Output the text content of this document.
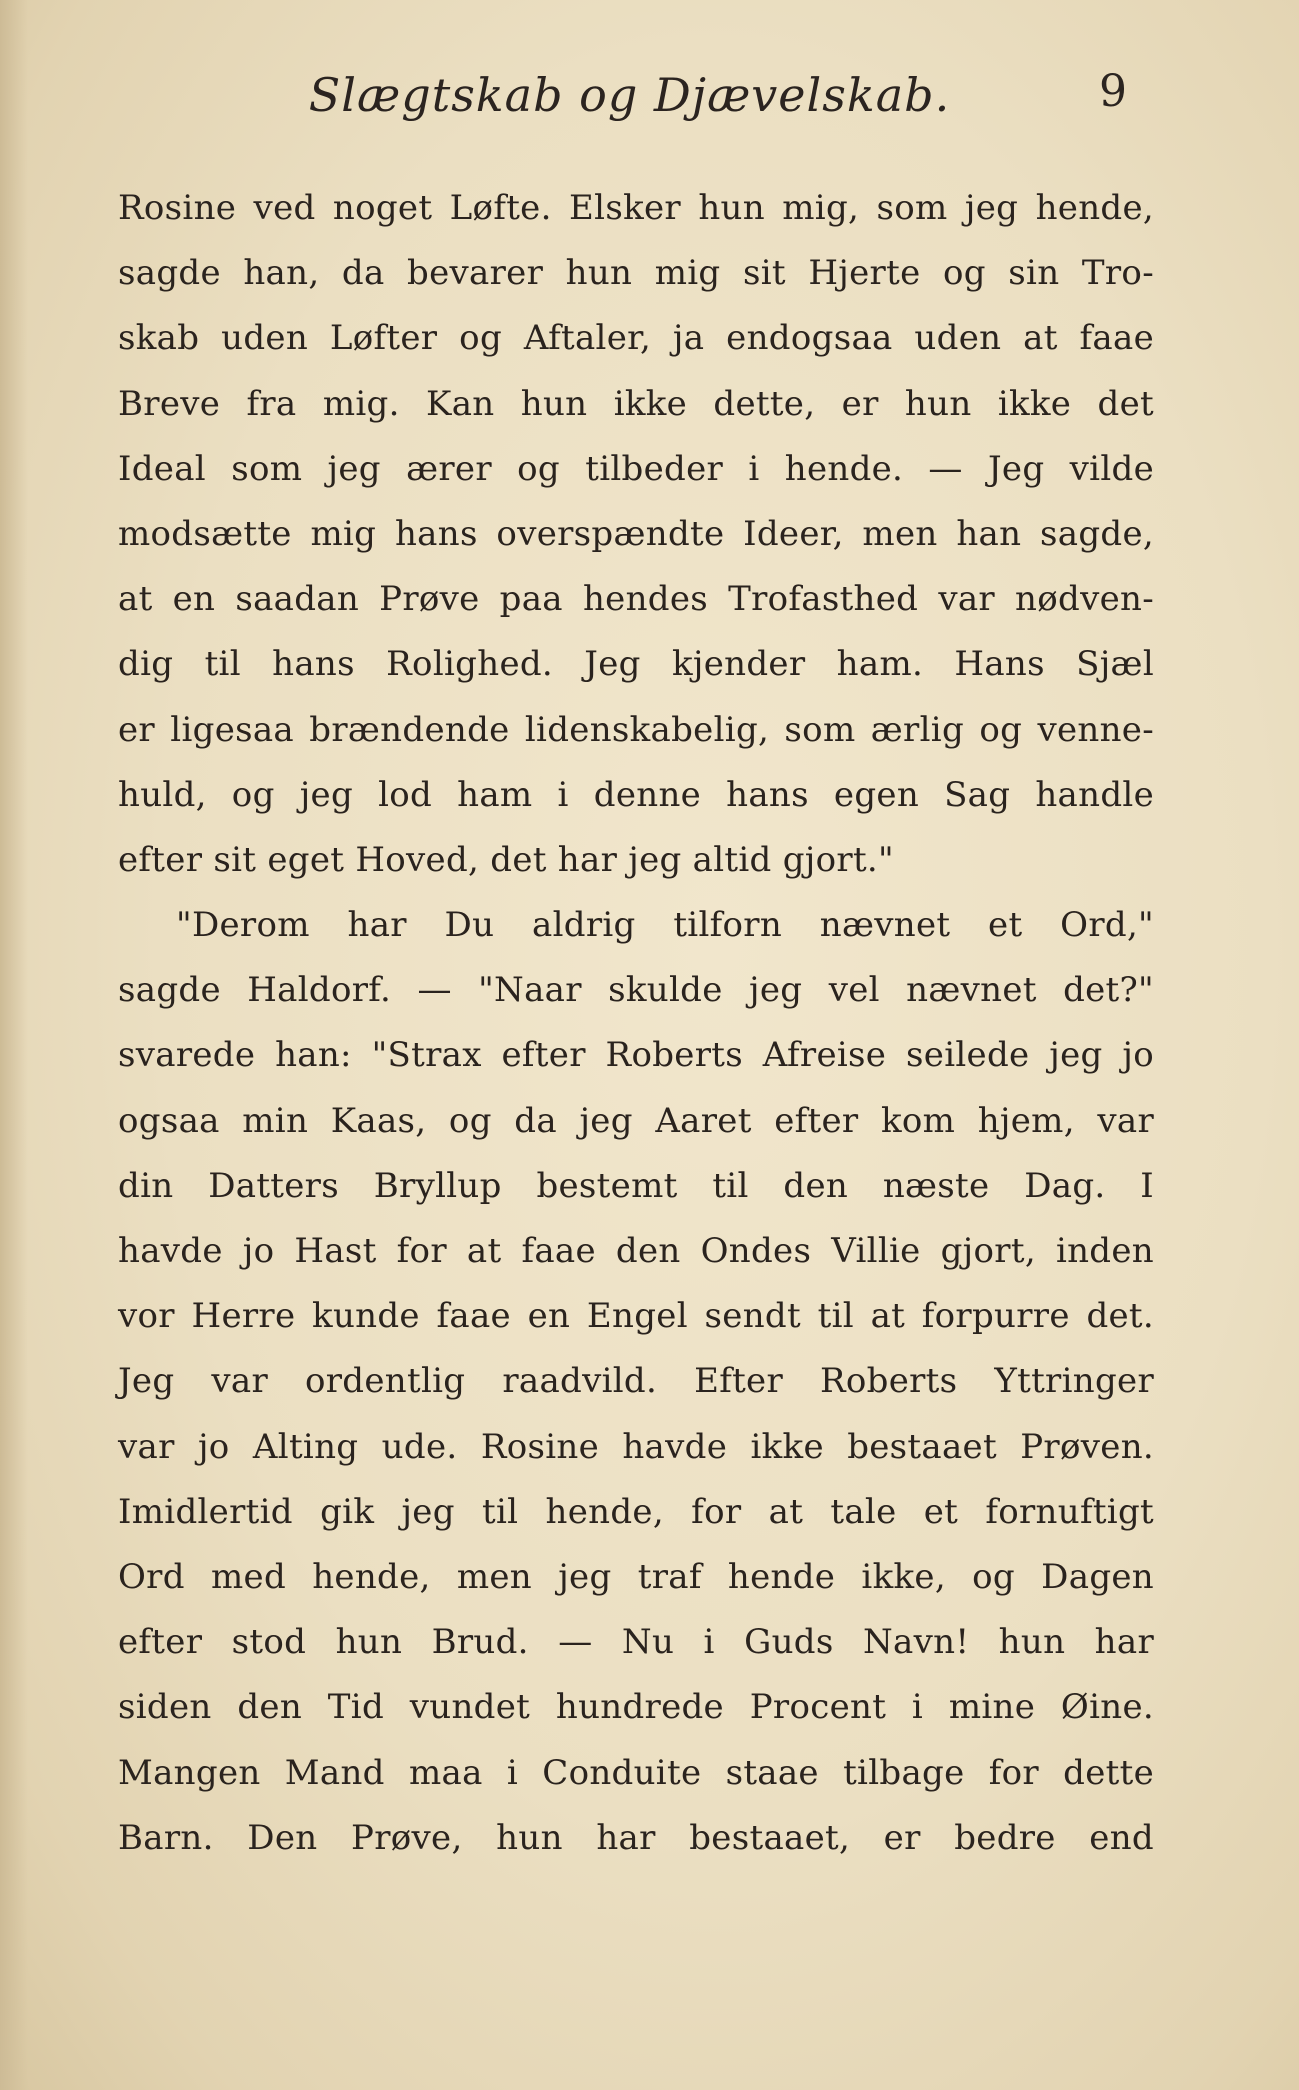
Slægtskab og Djævelskab.	9
Rosine ved noget Løfte. Elsker hun mig, som jeg hende,
sagde han, da bevarer hun mig sit Hjerte og sin Tro-
skab uden Løfter og Aftaler, ja endogsaa uden at faae
Breve fra mig. Kan hun ikke dette, er hun ikke det
Ideal som jeg ærer og tilbeder i hende. — Jeg vilde
modsætte mig hans overspændte Ideer, men han sagde,
at en saadan Prøve paa hendes Trofasthed var nødven-
dig til hans Rolighed. Jeg kjender ham. Hans Sjæl
er ligesaa brændende lidenskabelig, som ærlig og venne-
huld, og jeg lod ham i denne hans egen Sag handle
efter sit eget Hoved, det har jeg altid gjort."
"Derom har Du aldrig tilforn nævnet et Ord,"
sagde Haldorf. — "Naar skulde jeg vel nævnet det?"
svarede han: "Strax efter Roberts Afreise seilede jeg jo
ogsaa min Kaas, og da jeg Aaret efter kom hjem, var
din Datters Bryllup bestemt til den næste Dag. I
havde jo Hast for at faae den Ondes Villie gjort, inden
vor Herre kunde faae en Engel sendt til at forpurre det.
Jeg var ordentlig raadvild. Efter Roberts Yttringer
var jo Alting ude. Rosine havde ikke bestaaet Prøven.
Imidlertid gik jeg til hende, for at tale et fornuftigt
Ord med hende, men jeg traf hende ikke, og Dagen
efter stod hun Brud. — Nu i Guds Navn! hun har
siden den Tid vundet hundrede Procent i mine Øine.
Mangen Mand maa i Conduite staae tilbage for dette
Barn. Den Prøve, hun har bestaaet, er bedre end
